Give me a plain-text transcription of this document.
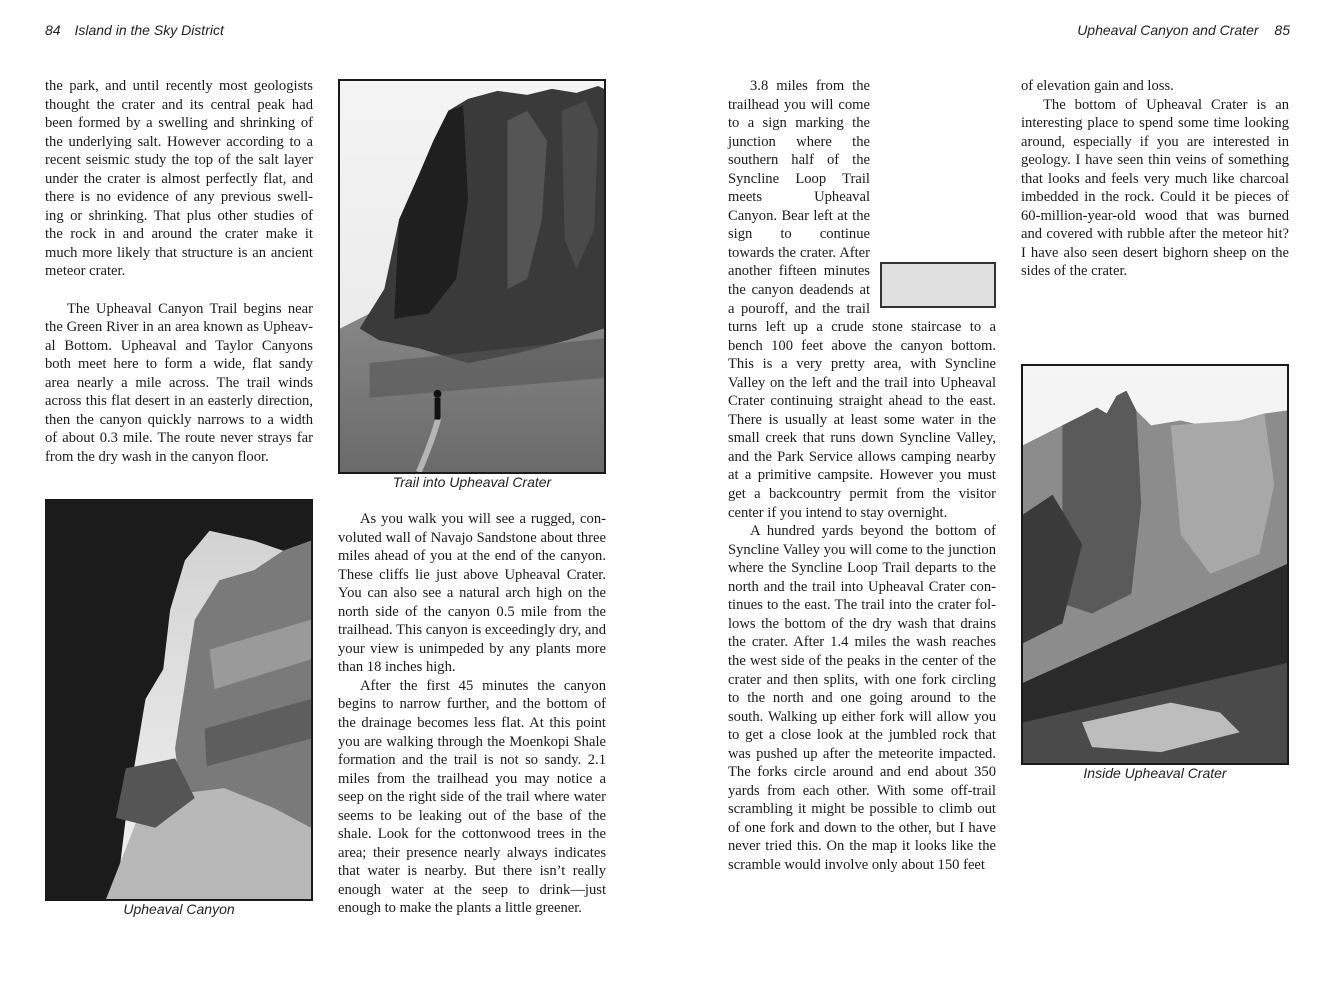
84 Island in the Sky District	Upheaval Canyon and Crater 85

the park, and until recently most geologists thought the crater and its central peak had been formed by a swelling and shrinking of the underlying salt. However according to a recent seismic study the top of the salt layer under the crater is almost perfectly flat, and there is no evidence of any previous swell-ing or shrinking. That plus other studies of the rock in and around the crater make it much more likely that structure is an ancient meteor crater.

The Upheaval Canyon Trail begins near the Green River in an area known as Upheav-al Bottom. Upheaval and Taylor Canyons both meet here to form a wide, flat sandy area nearly a mile across. The trail winds across this flat desert in an easterly direction, then the canyon quickly narrows to a width of about 0.3 mile. The route never strays far from the dry wash in the canyon floor.

Trail into Upheaval Crater
Upheaval Canyon

As you walk you will see a rugged, con-voluted wall of Navajo Sandstone about three miles ahead of you at the end of the canyon. These cliffs lie just above Upheaval Crater. You can also see a natural arch high on the north side of the canyon 0.5 mile from the trailhead. This canyon is exceedingly dry, and your view is unimpeded by any plants more than 18 inches high.

After the first 45 minutes the canyon begins to narrow further, and the bottom of the drainage becomes less flat. At this point you are walking through the Moenkopi Shale formation and the trail is not so sandy. 2.1 miles from the trailhead you may notice a seep on the right side of the trail where water seems to be leaking out of the base of the shale. Look for the cottonwood trees in the area; their presence nearly always indicates that water is nearby. But there isn’t really enough water at the seep to drink—just enough to make the plants a little greener.

3.8 miles from the trailhead you will come to a sign marking the junction where the southern half of the Syncline Loop Trail meets Upheaval Canyon. Bear left at the sign to continue towards the crater. After another fifteen minutes the canyon deadends at a pouroff, and the trail turns left up a crude stone staircase to a bench 100 feet above the canyon bottom. This is a very pretty area, with Syncline Valley on the left and the trail into Upheaval Crater continuing straight ahead to the east. There is usually at least some water in the small creek that runs down Syncline Valley, and the Park Service allows camping nearby at a primitive campsite. However you must get a backcountry permit from the visitor center if you intend to stay overnight.

A hundred yards beyond the bottom of Syncline Valley you will come to the junction where the Syncline Loop Trail departs to the north and the trail into Upheaval Crater con-tinues to the east. The trail into the crater fol-lows the bottom of the dry wash that drains the crater. After 1.4 miles the wash reaches the west side of the peaks in the center of the crater and then splits, with one fork circling to the north and one going around to the south. Walking up either fork will allow you to get a close look at the jumbled rock that was pushed up after the meteorite impacted. The forks circle around and end about 350 yards from each other. With some off-trail scrambling it might be possible to climb out of one fork and down to the other, but I have never tried this. On the map it looks like the scramble would involve only about 150 feet

of elevation gain and loss.

The bottom of Upheaval Crater is an interesting place to spend some time looking around, especially if you are interested in geology. I have seen thin veins of something that looks and feels very much like charcoal imbedded in the rock. Could it be pieces of 60-million-year-old wood that was burned and covered with rubble after the meteor hit? I have also seen desert bighorn sheep on the sides of the crater.

Inside Upheaval Crater
